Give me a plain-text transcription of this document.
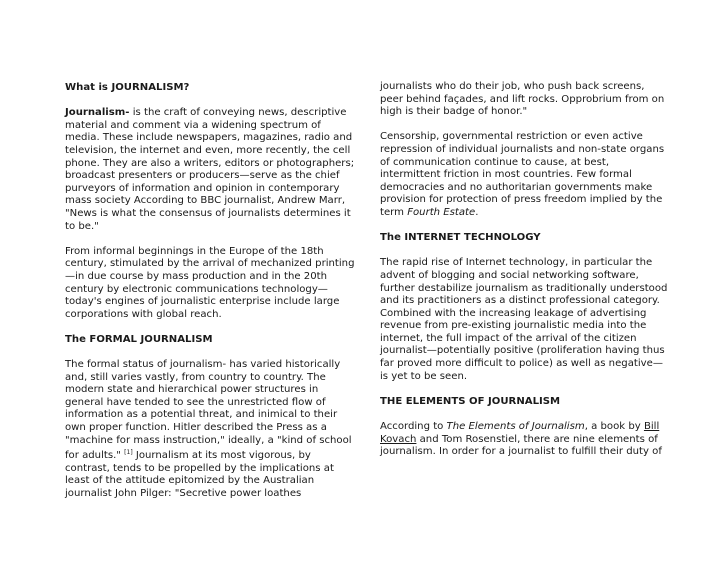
What is JOURNALISM?

Journalism- is the craft of conveying news, descriptive material and comment via a widening spectrum of media. These include newspapers, magazines, radio and television, the internet and even, more recently, the cell phone. They are also a writers, editors or photographers; broadcast presenters or producers—serve as the chief purveyors of information and opinion in contemporary mass society According to BBC journalist, Andrew Marr, "News is what the consensus of journalists determines it to be."

From informal beginnings in the Europe of the 18th century, stimulated by the arrival of mechanized printing—in due course by mass production and in the 20th century by electronic communications technology—today's engines of journalistic enterprise include large corporations with global reach.

The FORMAL JOURNALISM

The formal status of journalism- has varied historically and, still varies vastly, from country to country. The modern state and hierarchical power structures in general have tended to see the unrestricted flow of information as a potential threat, and inimical to their own proper function. Hitler described the Press as a "machine for mass instruction," ideally, a "kind of school for adults." [1] Journalism at its most vigorous, by contrast, tends to be propelled by the implications at least of the attitude epitomized by the Australian journalist John Pilger: "Secretive power loathes

journalists who do their job, who push back screens, peer behind façades, and lift rocks. Opprobrium from on high is their badge of honor."

Censorship, governmental restriction or even active repression of individual journalists and non-state organs of communication continue to cause, at best, intermittent friction in most countries. Few formal democracies and no authoritarian governments make provision for protection of press freedom implied by the term Fourth Estate.

The INTERNET TECHNOLOGY

The rapid rise of Internet technology, in particular the advent of blogging and social networking software, further destabilize journalism as traditionally understood and its practitioners as a distinct professional category. Combined with the increasing leakage of advertising revenue from pre-existing journalistic media into the internet, the full impact of the arrival of the citizen journalist—potentially positive (proliferation having thus far proved more difficult to police) as well as negative—is yet to be seen.

THE ELEMENTS OF JOURNALISM

According to The Elements of Journalism, a book by Bill Kovach and Tom Rosenstiel, there are nine elements of journalism. In order for a journalist to fulfill their duty of
